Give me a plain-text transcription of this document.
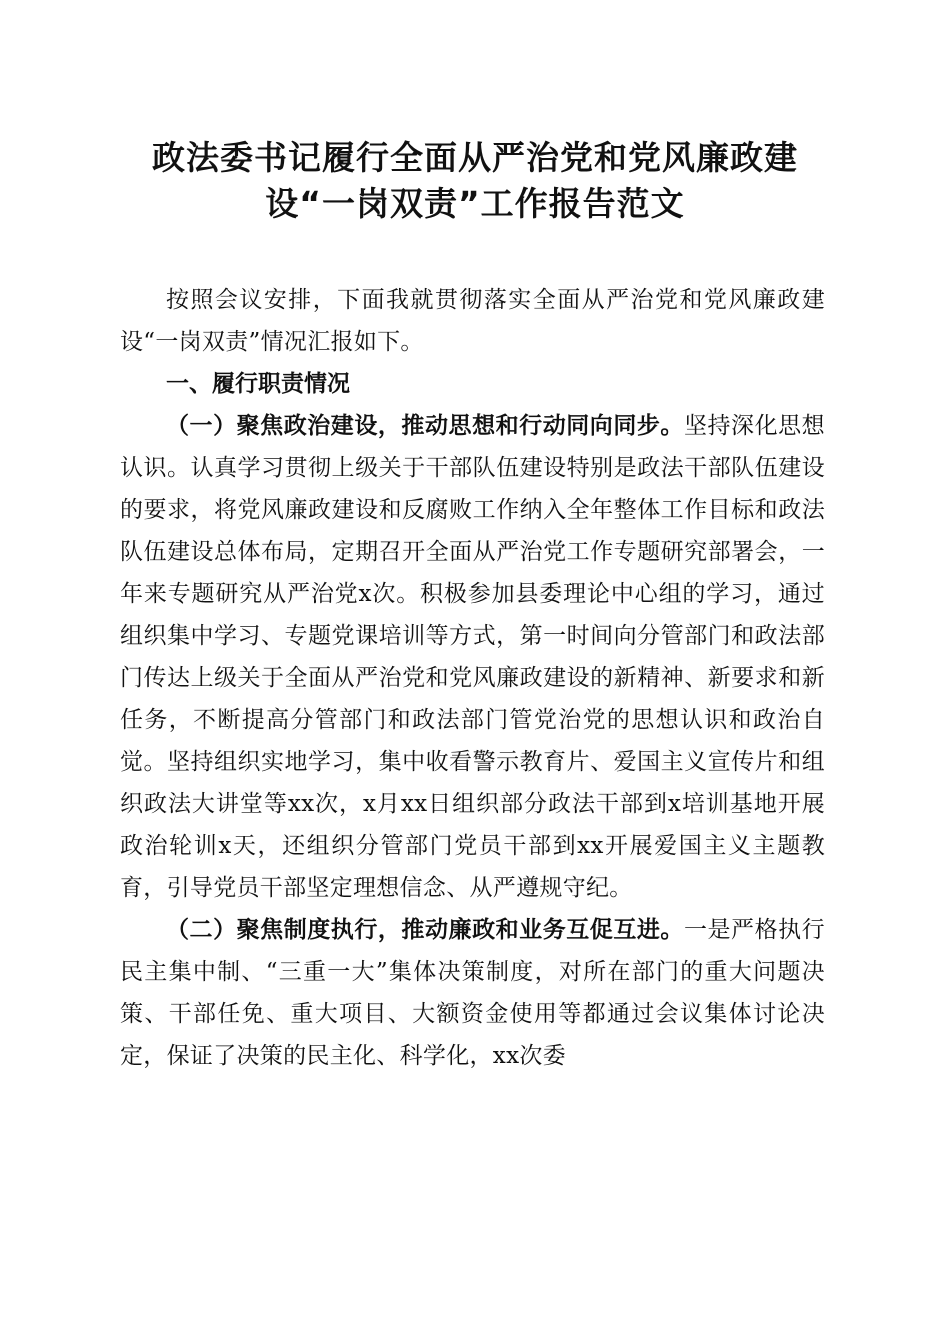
政法委书记履行全面从严治党和党风廉政建
设“一岗双责”工作报告范文

按照会议安排，下面我就贯彻落实全面从严治党和党风廉政建设“一岗双责”情况汇报如下。

一、履行职责情况

（一）聚焦政治建设，推动思想和行动同向同步。坚持深化思想认识。认真学习贯彻上级关于干部队伍建设特别是政法干部队伍建设的要求，将党风廉政建设和反腐败工作纳入全年整体工作目标和政法队伍建设总体布局，定期召开全面从严治党工作专题研究部署会，一年来专题研究从严治党x次。积极参加县委理论中心组的学习，通过组织集中学习、专题党课培训等方式，第一时间向分管部门和政法部门传达上级关于全面从严治党和党风廉政建设的新精神、新要求和新任务，不断提高分管部门和政法部门管党治党的思想认识和政治自觉。坚持组织实地学习，集中收看警示教育片、爱国主义宣传片和组织政法大讲堂等xx次，x月xx日组织部分政法干部到x培训基地开展政治轮训x天，还组织分管部门党员干部到xx开展爱国主义主题教育，引导党员干部坚定理想信念、从严遵规守纪。

（二）聚焦制度执行，推动廉政和业务互促互进。一是严格执行民主集中制、“三重一大”集体决策制度，对所在部门的重大问题决策、干部任免、重大项目、大额资金使用等都通过会议集体讨论决定，保证了决策的民主化、科学化，xx次委
